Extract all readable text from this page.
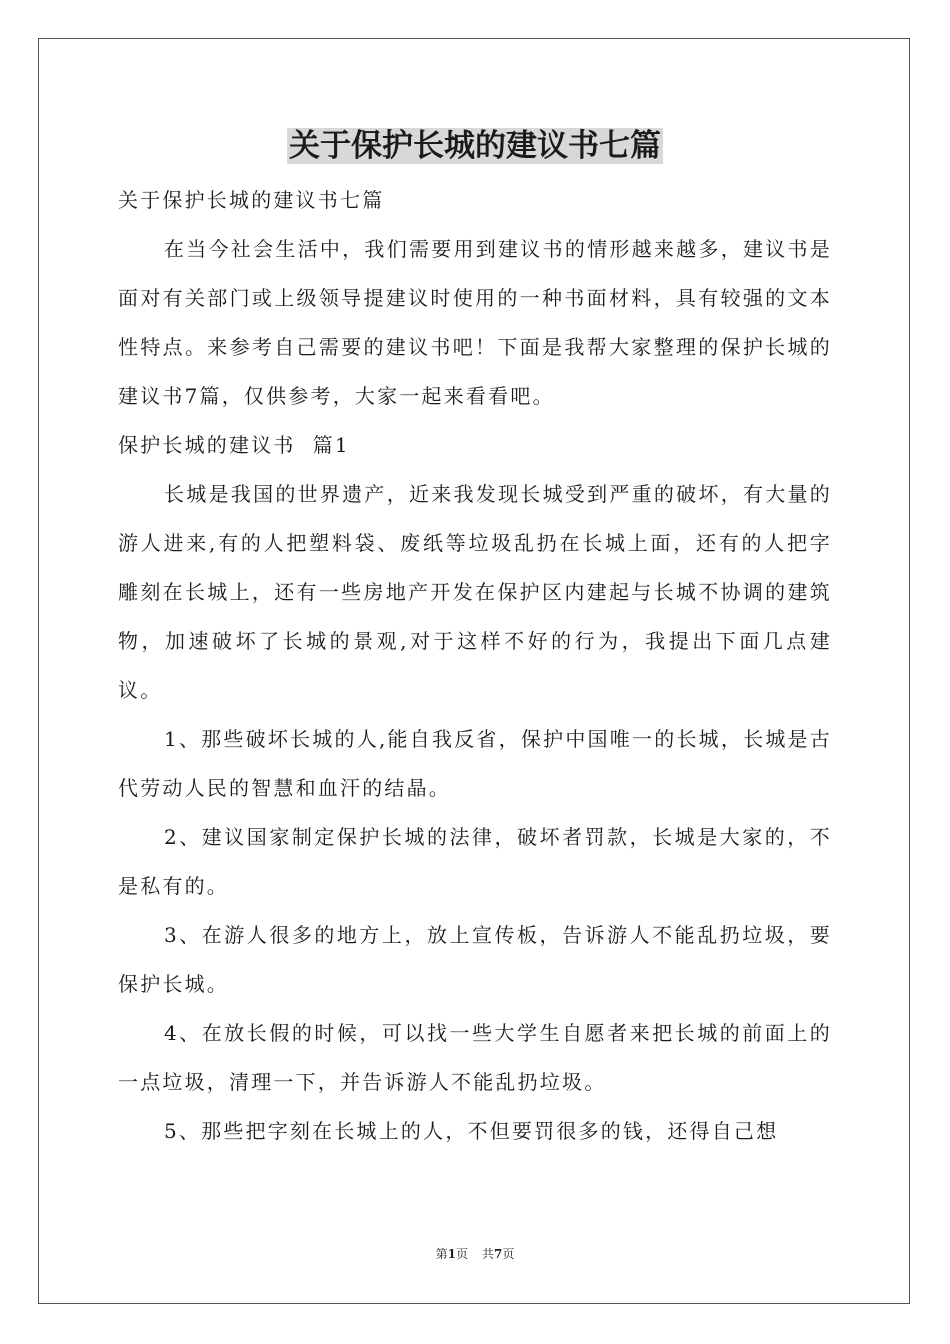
关于保护长城的建议书七篇

关于保护长城的建议书七篇

在当今社会生活中，我们需要用到建议书的情形越来越多，建议书是面对有关部门或上级领导提建议时使用的一种书面材料，具有较强的文本性特点。来参考自己需要的建议书吧！下面是我帮大家整理的保护长城的建议书7篇，仅供参考，大家一起来看看吧。

保护长城的建议书  篇1

长城是我国的世界遗产，近来我发现长城受到严重的破坏，有大量的游人进来,有的人把塑料袋、废纸等垃圾乱扔在长城上面，还有的人把字雕刻在长城上，还有一些房地产开发在保护区内建起与长城不协调的建筑物，加速破坏了长城的景观,对于这样不好的行为，我提出下面几点建议。

1、那些破坏长城的人,能自我反省，保护中国唯一的长城，长城是古代劳动人民的智慧和血汗的结晶。

2、建议国家制定保护长城的法律，破坏者罚款，长城是大家的，不是私有的。

3、在游人很多的地方上，放上宣传板，告诉游人不能乱扔垃圾，要保护长城。

4、在放长假的时候，可以找一些大学生自愿者来把长城的前面上的一点垃圾，清理一下，并告诉游人不能乱扔垃圾。

5、那些把字刻在长城上的人，不但要罚很多的钱，还得自己想

第1页 共7页
